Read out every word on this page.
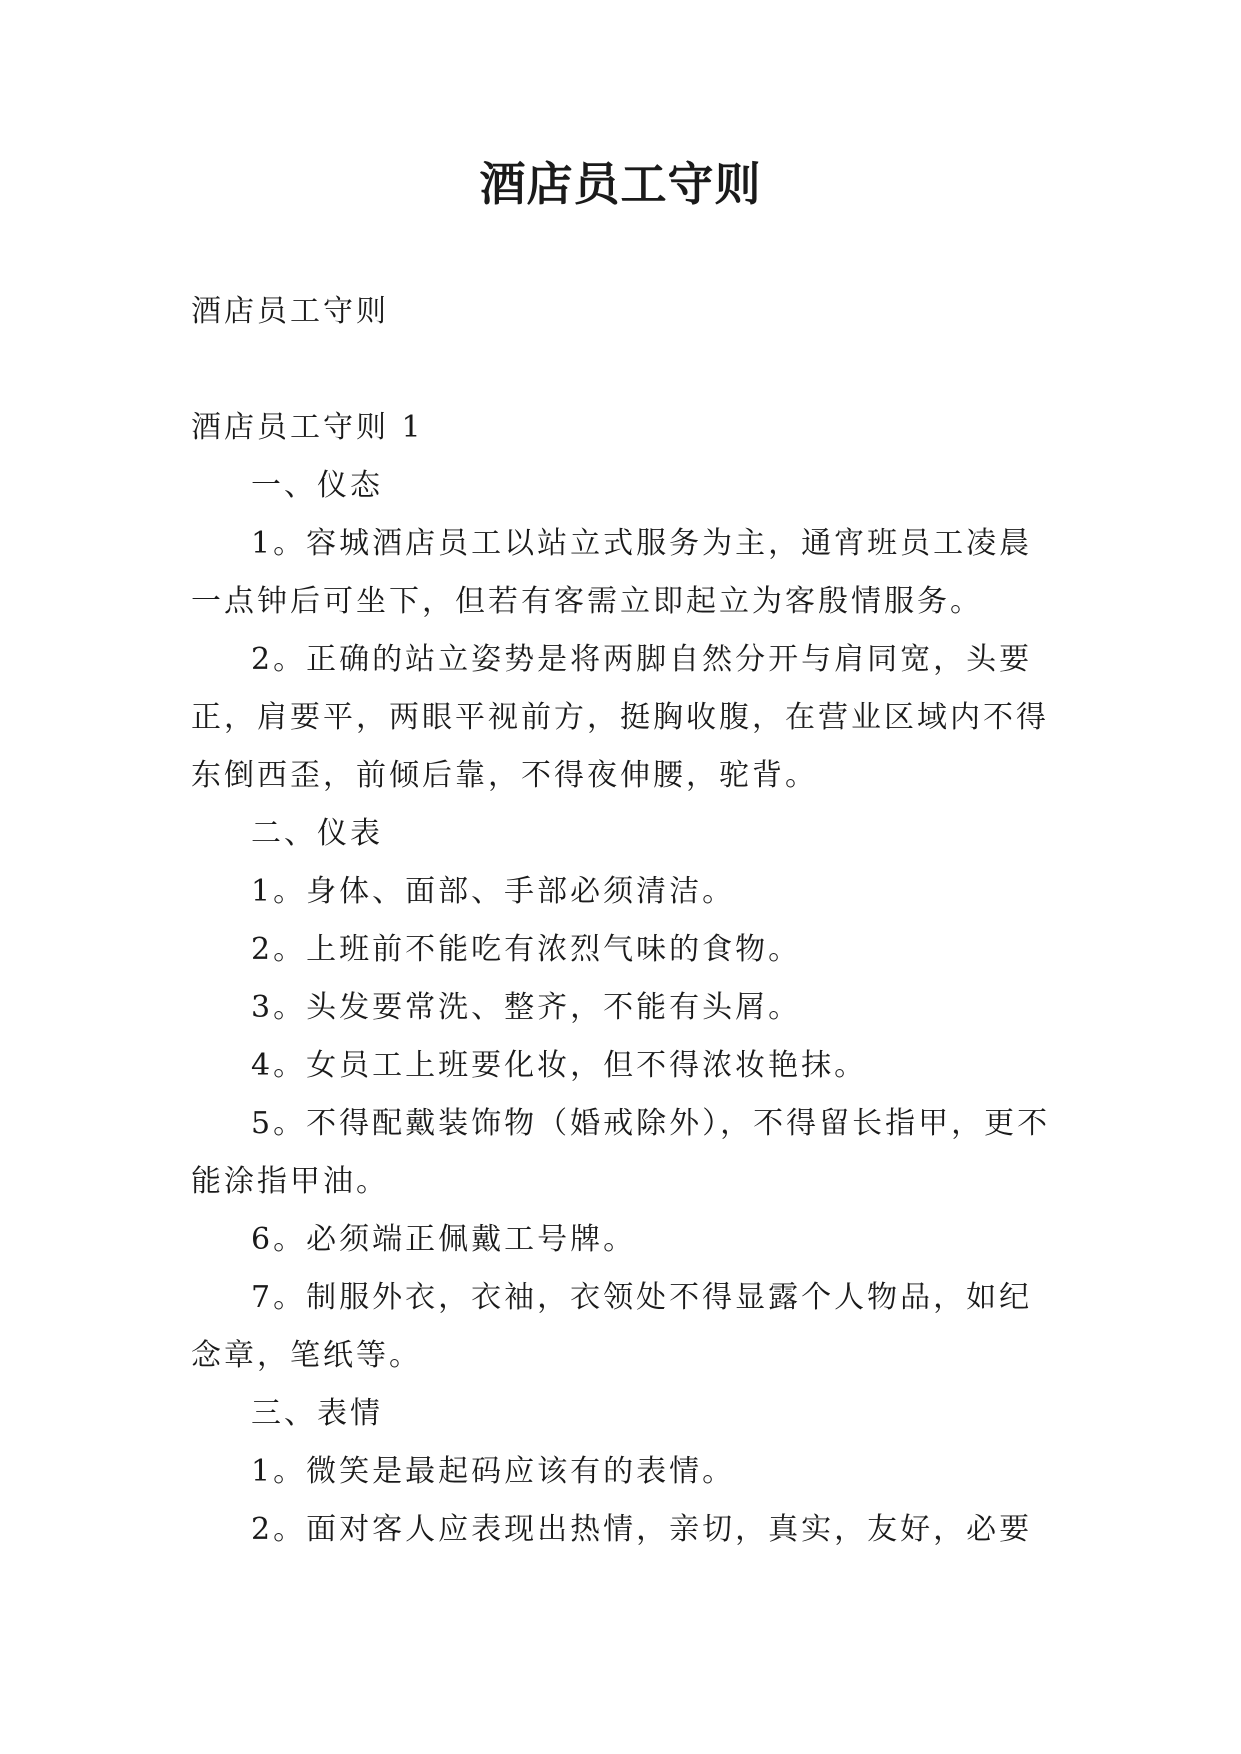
酒店员工守则

酒店员工守则

酒店员工守则 1

一、仪态

1。容城酒店员工以站立式服务为主，通宵班员工凌晨

一点钟后可坐下，但若有客需立即起立为客殷情服务。

2。正确的站立姿势是将两脚自然分开与肩同宽，头要

正，肩要平，两眼平视前方，挺胸收腹，在营业区域内不得

东倒西歪，前倾后靠，不得夜伸腰，驼背。

二、仪表

1。身体、面部、手部必须清洁。

2。上班前不能吃有浓烈气味的食物。

3。头发要常洗、整齐，不能有头屑。

4。女员工上班要化妆，但不得浓妆艳抹。

5。不得配戴装饰物（婚戒除外），不得留长指甲，更不

能涂指甲油。

6。必须端正佩戴工号牌。

7。制服外衣，衣袖，衣领处不得显露个人物品，如纪

念章，笔纸等。

三、表情

1。微笑是最起码应该有的表情。

2。面对客人应表现出热情，亲切，真实，友好，必要
